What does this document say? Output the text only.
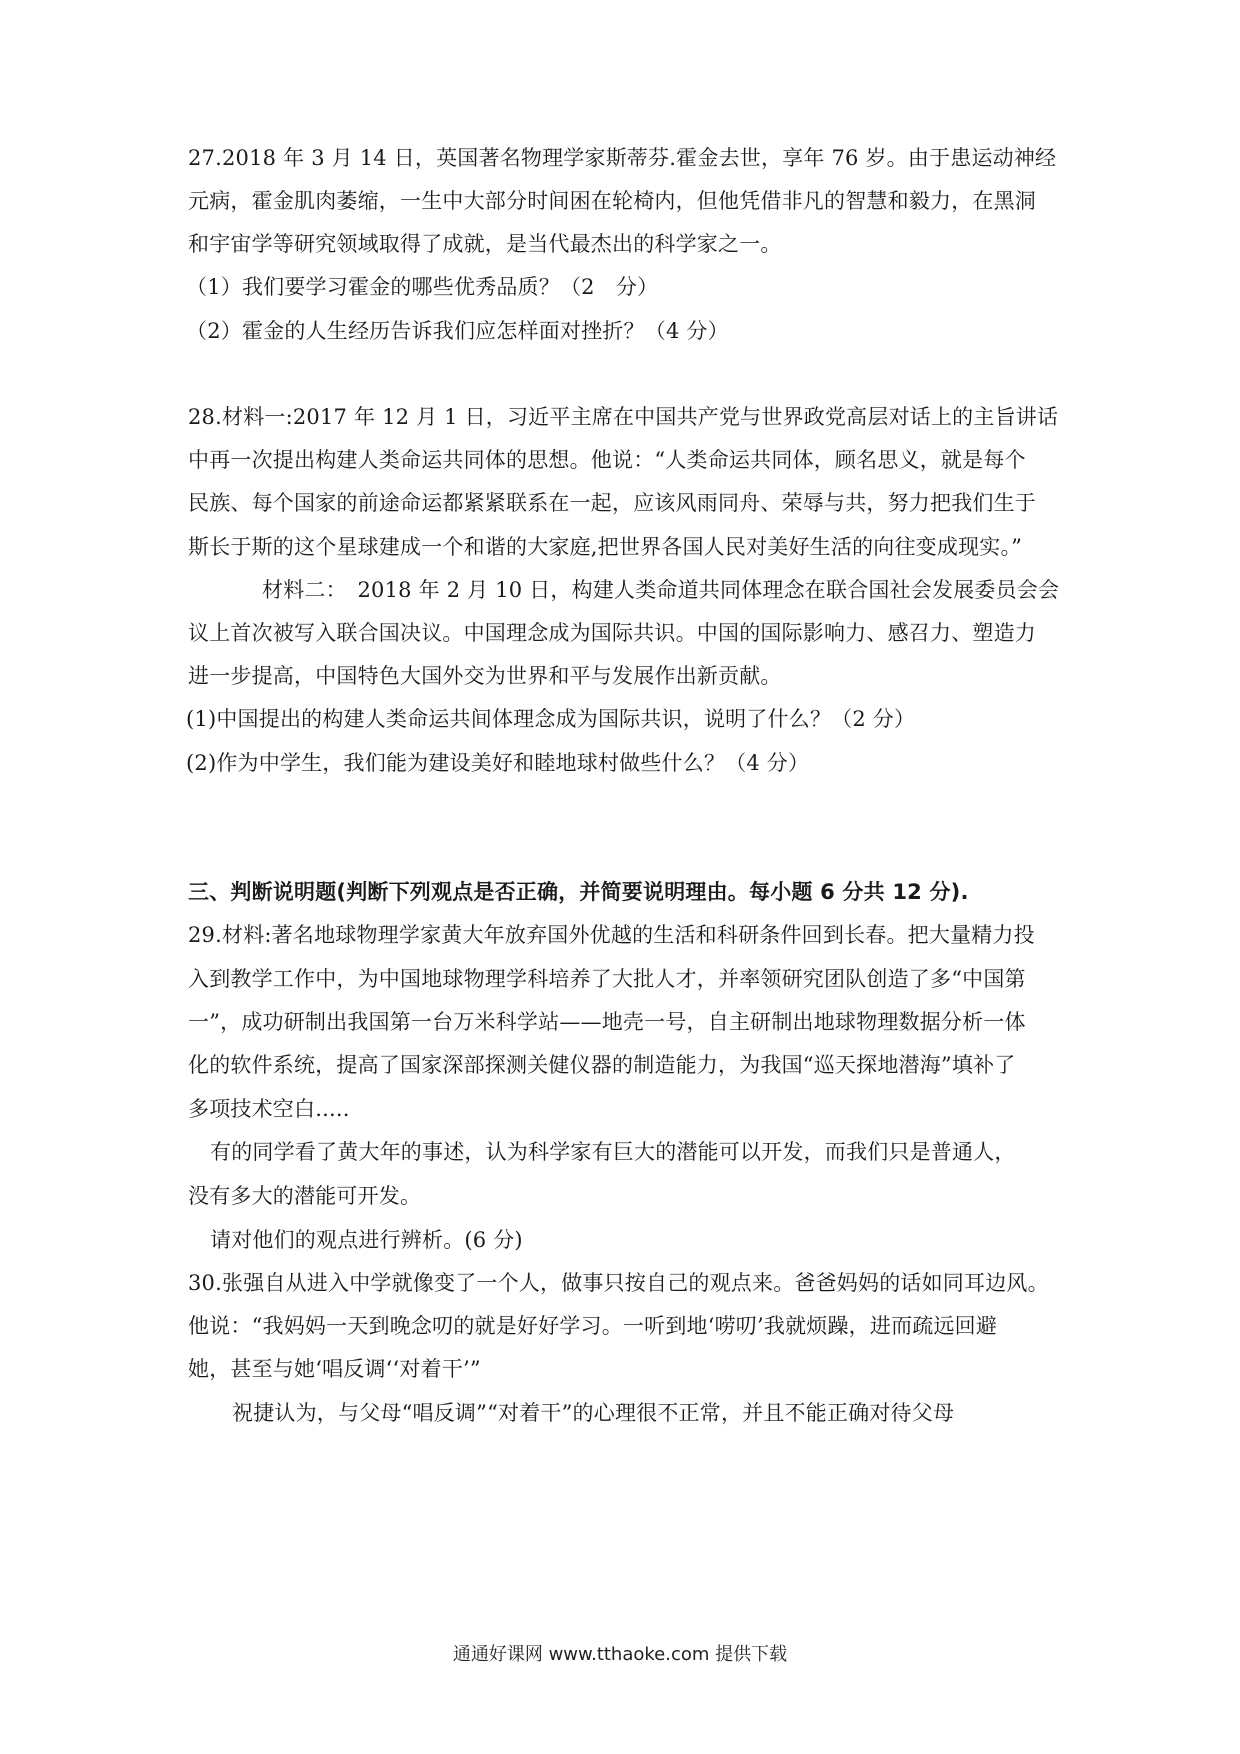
27.2018 年 3 月 14 日，英国著名物理学家斯蒂芬.霍金去世，享年 76 岁。由于患运动神经
元病，霍金肌肉萎缩，一生中大部分时间困在轮椅内，但他凭借非凡的智慧和毅力，在黑洞
和宇宙学等研究领域取得了成就，是当代最杰出的科学家之一。
（1）我们要学习霍金的哪些优秀品质？（2　分）
（2）霍金的人生经历告诉我们应怎样面对挫折？（4 分）
28.材料一:2017 年 12 月 1 日，习近平主席在中国共产党与世界政党高层对话上的主旨讲话
中再一次提出构建人类命运共同体的思想。他说：“人类命运共同体，顾名思义，就是每个
民族、每个国家的前途命运都紧紧联系在一起，应该风雨同舟、荣辱与共，努力把我们生于
斯长于斯的这个星球建成一个和谐的大家庭,把世界各国人民对美好生活的向往变成现实。”
材料二：　2018 年 2 月 10 日，构建人类命道共同体理念在联合国社会发展委员会会
议上首次被写入联合国决议。中国理念成为国际共识。中国的国际影响力、感召力、塑造力
进一步提高，中国特色大国外交为世界和平与发展作出新贡献。
(1)中国提出的构建人类命运共间体理念成为国际共识，说明了什么？（2 分）
(2)作为中学生，我们能为建设美好和睦地球村做些什么？（4 分）
三、判断说明题(判断下列观点是否正确，并简要说明理由。每小题 6 分共 12 分).
29.材料:著名地球物理学家黄大年放弃国外优越的生活和科研条件回到长春。把大量精力投
入到教学工作中，为中国地球物理学科培养了大批人才，并率领研究团队创造了多“中国第
一”，成功研制出我国第一台万米科学站——地壳一号，自主研制出地球物理数据分析一体
化的软件系统，提高了国家深部探测关健仪器的制造能力，为我国“巡天探地潜海”填补了
多项技术空白.....
有的同学看了黄大年的事述，认为科学家有巨大的潜能可以开发，而我们只是普通人，
没有多大的潜能可开发。
请对他们的观点进行辨析。(6 分)
30.张强自从进入中学就像变了一个人，做事只按自己的观点来。爸爸妈妈的话如同耳边风。
他说：“我妈妈一天到晚念叨的就是好好学习。一听到地‘唠叨’我就烦躁，进而疏远回避
她，甚至与她‘唱反调‘‘对着干’”
祝捷认为，与父母“唱反调”“对着干”的心理很不正常，并且不能正确对待父母
通通好课网 www.tthaoke.com 提供下载
